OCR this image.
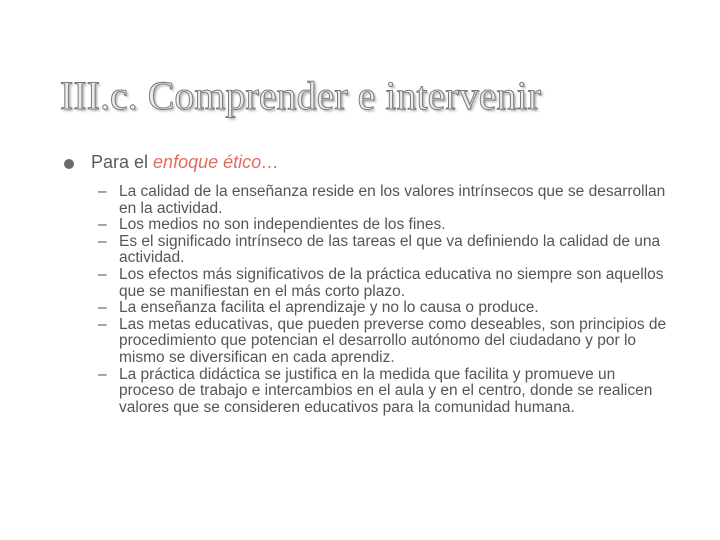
III.c. Comprender e intervenir
Para el enfoque ético…
– La calidad de la enseñanza reside en los valores intrínsecos que se desarrollan en la actividad.
– Los medios no son independientes de los fines.
– Es el significado intrínseco de las tareas el que va definiendo la calidad de una actividad.
– Los efectos más significativos de la práctica educativa no siempre son aquellos que se manifiestan en el más corto plazo.
– La enseñanza facilita el aprendizaje y no lo causa o produce.
– Las metas educativas, que pueden preverse como deseables, son principios de procedimiento que potencian el desarrollo autónomo del ciudadano y por lo mismo se diversifican en cada aprendiz.
– La práctica didáctica se justifica en la medida que facilita y promueve un proceso de trabajo e intercambios en el aula y en el centro, donde se realicen valores que se consideren educativos para la comunidad humana.
